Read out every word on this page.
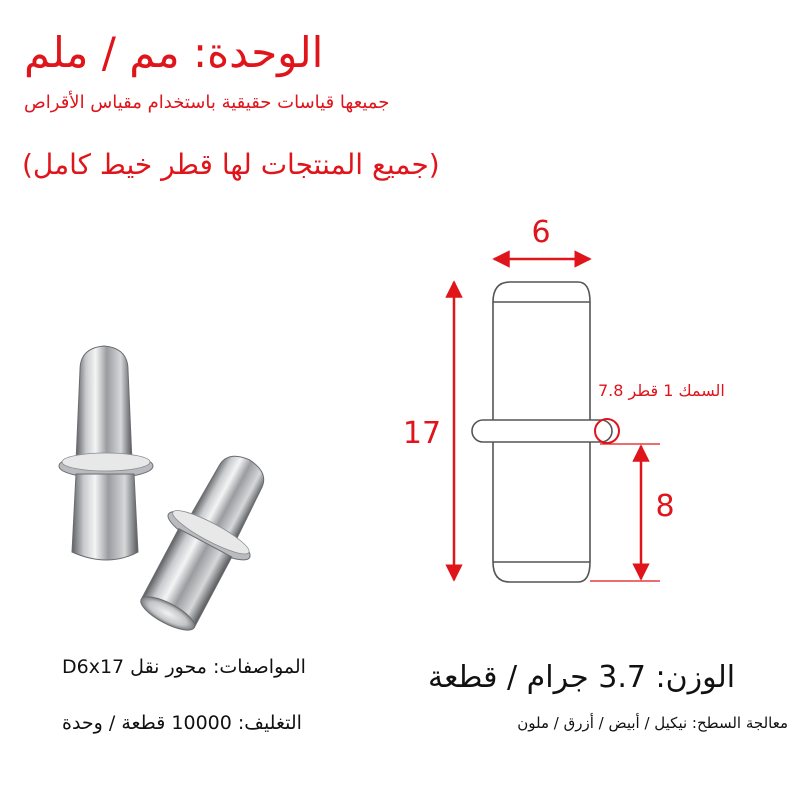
الوحدة: مم / ملم
جميعها قياسات حقيقية باستخدام مقياس الأقراص
(جميع المنتجات لها قطر خيط كامل)
6
17
8
السمك 1 قطر 7.8
المواصفات: محور نقل D6x17
التغليف: 10000 قطعة / وحدة
الوزن: 3.7 جرام / قطعة
معالجة السطح: نيكيل / أبيض / أزرق / ملون
